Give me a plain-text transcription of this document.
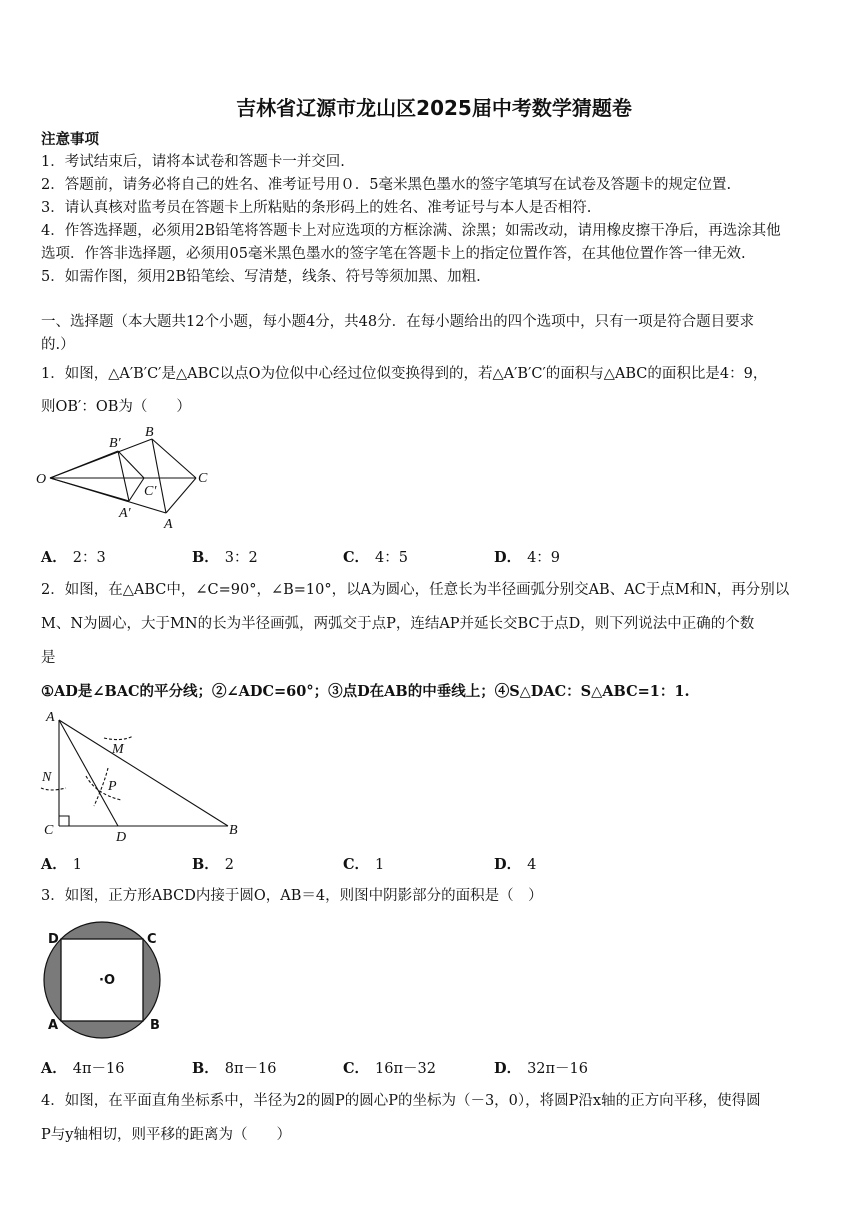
吉林省辽源市龙山区2025届中考数学猜题卷
注意事项
1．考试结束后，请将本试卷和答题卡一并交回.
2．答题前，请务必将自己的姓名、准考证号用０．5毫米黑色墨水的签字笔填写在试卷及答题卡的规定位置.
3．请认真核对监考员在答题卡上所粘贴的条形码上的姓名、准考证号与本人是否相符.
4．作答选择题，必须用2B铅笔将答题卡上对应选项的方框涂满、涂黑；如需改动，请用橡皮擦干净后，再选涂其他
选项．作答非选择题，必须用05毫米黑色墨水的签字笔在答题卡上的指定位置作答，在其他位置作答一律无效.
5．如需作图，须用2B铅笔绘、写清楚，线条、符号等须加黑、加粗.
一、选择题（本大题共12个小题，每小题4分，共48分．在每小题给出的四个选项中，只有一项是符合题目要求
的.）
1．如图，△A′B′C′是△ABC以点O为位似中心经过位似变换得到的，若△A′B′C′的面积与△ABC的面积比是4：9，
则OB′：OB为（　　）
O
B′
B
C
C′
A′
A
A． 2：3	B． 3：2	C． 4：5	D． 4：9
2．如图，在△ABC中，∠C=90°，∠B=10°，以A为圆心，任意长为半径画弧分别交AB、AC于点M和N，再分别以
M、N为圆心，大于MN的长为半径画弧，两弧交于点P，连结AP并延长交BC于点D，则下列说法中正确的个数
是
①AD是∠BAC的平分线；②∠ADC=60°；③点D在AB的中垂线上；④S△DAC：S△ABC=1：1.
A
M
N
P
C	D	B
A． 1	B． 2	C． 1	D． 4
3．如图，正方形ABCD内接于圆O，AB＝4，则图中阴影部分的面积是（　）
D	C
·O
A	B
A． 4π－16	B． 8π－16	C． 16π－32	D． 32π－16
4．如图，在平面直角坐标系中，半径为2的圆P的圆心P的坐标为（－3，0），将圆P沿x轴的正方向平移，使得圆
P与y轴相切，则平移的距离为（　　）
